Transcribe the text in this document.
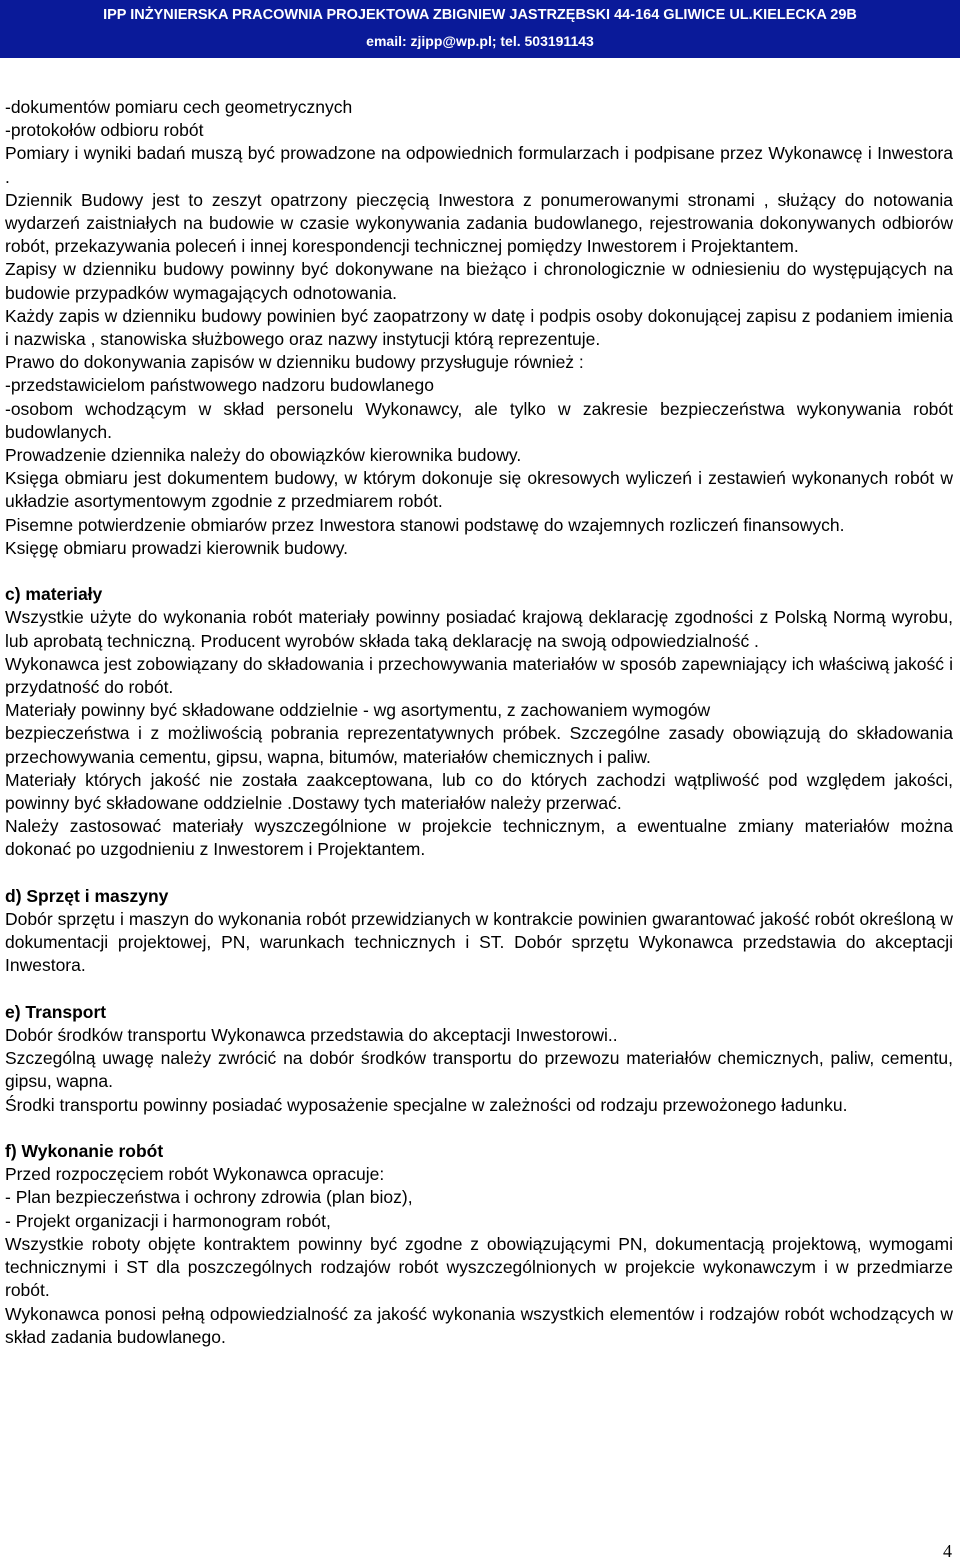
IPP INŻYNIERSKA PRACOWNIA PROJEKTOWA ZBIGNIEW JASTRZĘBSKI 44-164 GLIWICE UL.KIELECKA 29B
email: zjipp@wp.pl; tel. 503191143

-dokumentów pomiaru cech geometrycznych

-protokołów odbioru robót

Pomiary i wyniki badań muszą być prowadzone na odpowiednich formularzach i podpisane przez Wykonawcę i Inwestora .

Dziennik Budowy jest to zeszyt opatrzony pieczęcią Inwestora z ponumerowanymi stronami , służący do notowania wydarzeń zaistniałych na budowie w czasie wykonywania zadania budowlanego, rejestrowania dokonywanych odbiorów robót, przekazywania poleceń i innej korespondencji technicznej pomiędzy Inwestorem i Projektantem.

Zapisy w dzienniku budowy powinny być dokonywane na bieżąco i chronologicznie w odniesieniu do występujących na budowie przypadków wymagających odnotowania.

Każdy zapis w dzienniku budowy powinien być zaopatrzony w datę i podpis osoby dokonującej zapisu z podaniem imienia i nazwiska , stanowiska służbowego oraz nazwy instytucji którą reprezentuje.

Prawo do dokonywania zapisów w dzienniku budowy przysługuje również :

-przedstawicielom państwowego nadzoru budowlanego

-osobom wchodzącym w skład personelu Wykonawcy, ale tylko w zakresie bezpieczeństwa wykonywania robót budowlanych.

Prowadzenie dziennika należy do obowiązków kierownika budowy.

Księga obmiaru jest dokumentem budowy, w którym dokonuje się okresowych wyliczeń i zestawień wykonanych robót w układzie asortymentowym zgodnie z przedmiarem robót.

Pisemne potwierdzenie obmiarów przez Inwestora stanowi podstawę do wzajemnych rozliczeń finansowych.

Księgę obmiaru prowadzi kierownik budowy.

c) materiały

Wszystkie użyte do wykonania robót materiały powinny posiadać krajową deklarację zgodności z Polską Normą wyrobu, lub aprobatą techniczną. Producent wyrobów składa taką deklarację na swoją odpowiedzialność .

Wykonawca jest zobowiązany do składowania i przechowywania materiałów w sposób zapewniający ich właściwą jakość i przydatność do robót.

Materiały powinny być składowane oddzielnie - wg asortymentu, z zachowaniem wymogów

bezpieczeństwa i z możliwością pobrania reprezentatywnych próbek. Szczególne zasady obowiązują do składowania przechowywania cementu, gipsu, wapna, bitumów, materiałów chemicznych i paliw.

Materiały których jakość nie została zaakceptowana, lub co do których zachodzi wątpliwość pod względem jakości, powinny być składowane oddzielnie .Dostawy tych materiałów należy przerwać.

Należy zastosować materiały wyszczególnione w projekcie technicznym, a ewentualne zmiany materiałów można dokonać po uzgodnieniu z Inwestorem i Projektantem.

d) Sprzęt i maszyny

Dobór sprzętu i maszyn do wykonania robót przewidzianych w kontrakcie powinien gwarantować jakość robót określoną w dokumentacji projektowej, PN, warunkach technicznych i ST. Dobór sprzętu Wykonawca przedstawia do akceptacji Inwestora.

e) Transport

Dobór środków transportu Wykonawca przedstawia do akceptacji Inwestorowi..

Szczególną uwagę należy zwrócić na dobór środków transportu do przewozu materiałów chemicznych, paliw, cementu, gipsu, wapna.

Środki transportu powinny posiadać wyposażenie specjalne w zależności od rodzaju przewożonego ładunku.

f) Wykonanie robót

Przed rozpoczęciem robót Wykonawca opracuje:

- Plan bezpieczeństwa i ochrony zdrowia (plan bioz),

- Projekt organizacji i harmonogram robót,

Wszystkie roboty objęte kontraktem powinny być zgodne z obowiązującymi PN, dokumentacją projektową, wymogami technicznymi i ST dla poszczególnych rodzajów robót wyszczególnionych w projekcie wykonawczym i w przedmiarze robót.

Wykonawca ponosi pełną odpowiedzialność za jakość wykonania wszystkich elementów i rodzajów robót wchodzących w skład zadania budowlanego.

4
